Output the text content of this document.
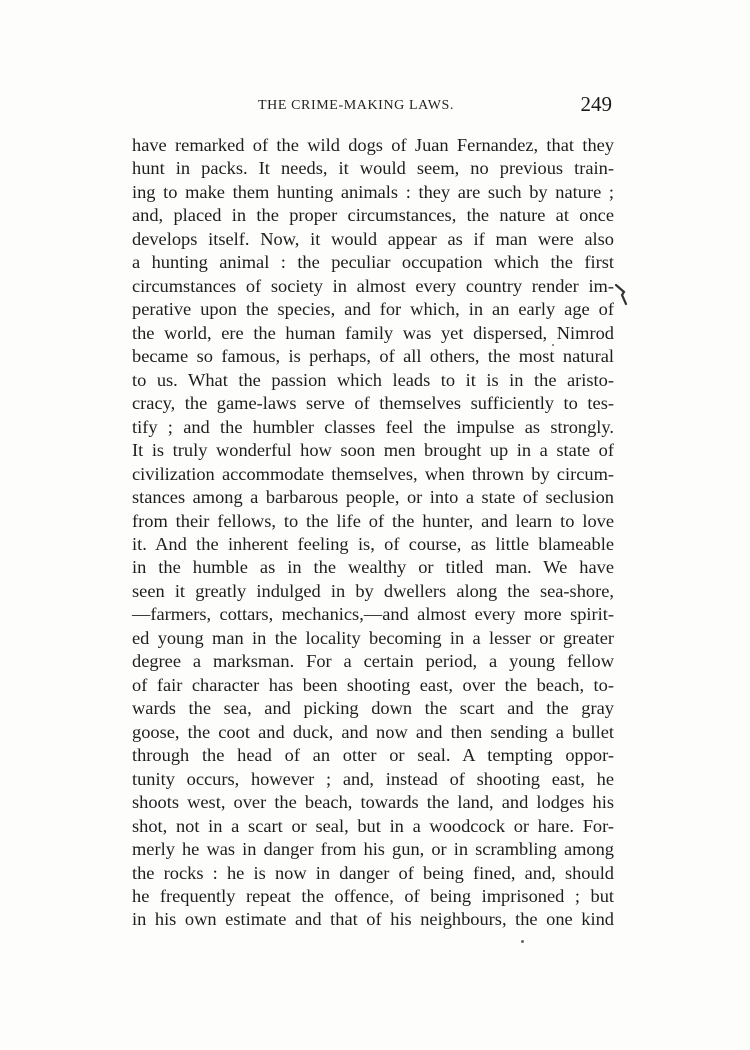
THE CRIME-MAKING LAWS.	249
have remarked of the wild dogs of Juan Fernandez, that they
hunt in packs. It needs, it would seem, no previous train-
ing to make them hunting animals : they are such by nature ;
and, placed in the proper circumstances, the nature at once
develops itself. Now, it would appear as if man were also
a hunting animal : the peculiar occupation which the first
circumstances of society in almost every country render im-
perative upon the species, and for which, in an early age of
the world, ere the human family was yet dispersed, Nimrod
became so famous, is perhaps, of all others, the most natural
to us. What the passion which leads to it is in the aristo-
cracy, the game-laws serve of themselves sufficiently to tes-
tify ; and the humbler classes feel the impulse as strongly.
It is truly wonderful how soon men brought up in a state of
civilization accommodate themselves, when thrown by circum-
stances among a barbarous people, or into a state of seclusion
from their fellows, to the life of the hunter, and learn to love
it. And the inherent feeling is, of course, as little blameable
in the humble as in the wealthy or titled man. We have
seen it greatly indulged in by dwellers along the sea-shore,
—farmers, cottars, mechanics,—and almost every more spirit-
ed young man in the locality becoming in a lesser or greater
degree a marksman. For a certain period, a young fellow
of fair character has been shooting east, over the beach, to-
wards the sea, and picking down the scart and the gray
goose, the coot and duck, and now and then sending a bullet
through the head of an otter or seal. A tempting oppor-
tunity occurs, however ; and, instead of shooting east, he
shoots west, over the beach, towards the land, and lodges his
shot, not in a scart or seal, but in a woodcock or hare. For-
merly he was in danger from his gun, or in scrambling among
the rocks : he is now in danger of being fined, and, should
he frequently repeat the offence, of being imprisoned ; but
in his own estimate and that of his neighbours, the one kind
